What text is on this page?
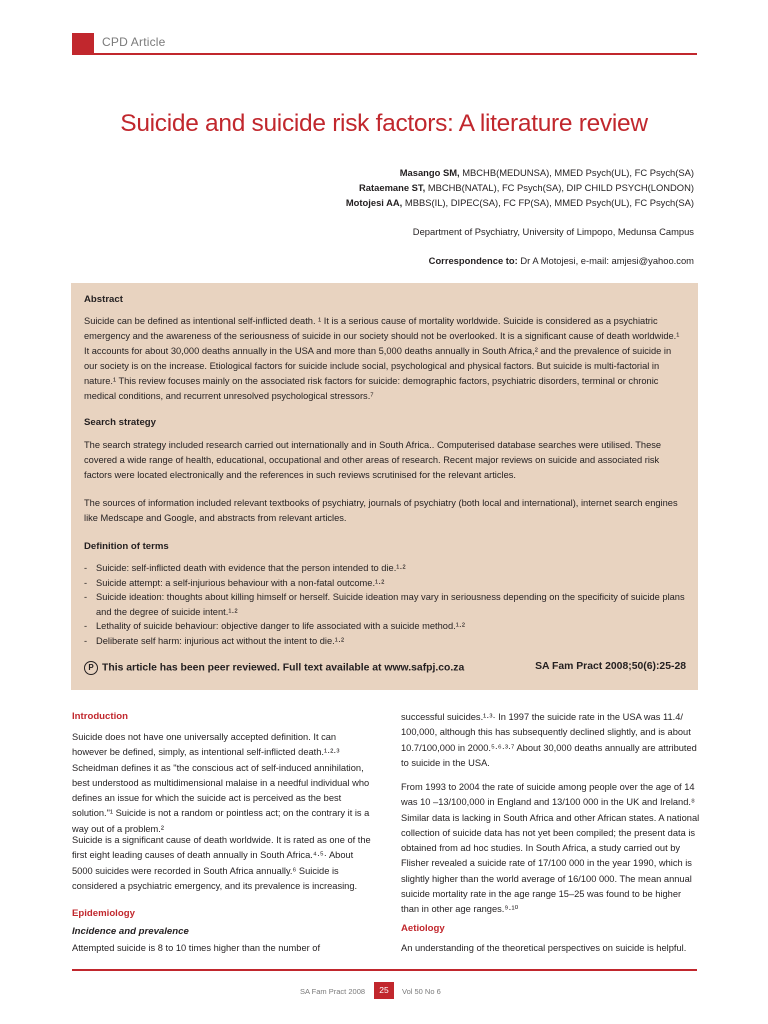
CPD Article
Suicide and suicide risk factors: A literature review
Masango SM, MBCHB(MEDUNSA), MMED Psych(UL), FC Psych(SA)
Rataemane ST, MBCHB(NATAL), FC Psych(SA), DIP CHILD PSYCH(LONDON)
Motojesi AA, MBBS(IL), DIPEC(SA), FC FP(SA), MMED Psych(UL), FC Psych(SA)
Department of Psychiatry, University of Limpopo, Medunsa Campus
Correspondence to: Dr A Motojesi, e-mail: amjesi@yahoo.com
Abstract
Suicide can be defined as intentional self-inflicted death. ¹ It is a serious cause of mortality worldwide. Suicide is considered as a psychiatric emergency and the awareness of the seriousness of suicide in our society should not be overlooked. It is a significant cause of death worldwide.¹ It accounts for about 30,000 deaths annually in the USA and more than 5,000 deaths annually in South Africa,² and the prevalence of suicide in our society is on the increase. Etiological factors for suicide include social, psychological and physical factors. But suicide is multi-factorial in nature.¹ This review focuses mainly on the associated risk factors for suicide: demographic factors, psychiatric disorders, terminal or chronic medical conditions, and recurrent unresolved psychological stressors.⁷
Search strategy
The search strategy included research carried out internationally and in South Africa.. Computerised database searches were utilised. These covered a wide range of health, educational, occupational and other areas of research. Recent major reviews on suicide and associated risk factors were located electronically and the references in such reviews scrutinised for the relevant articles.
The sources of information included relevant textbooks of psychiatry, journals of psychiatry (both local and international), internet search engines like Medscape and Google, and abstracts from relevant articles.
Definition of terms
- Suicide: self-inflicted death with evidence that the person intended to die.¹·²
- Suicide attempt: a self-injurious behaviour with a non-fatal outcome.¹·²
- Suicide ideation: thoughts about killing himself or herself. Suicide ideation may vary in seriousness depending on the specificity of suicide plans and the degree of suicide intent.¹·²
- Lethality of suicide behaviour: objective danger to life associated with a suicide method.¹·²
- Deliberate self harm: injurious act without the intent to die.¹·²
P This article has been peer reviewed. Full text available at www.safpj.co.za	SA Fam Pract 2008;50(6):25-28
Introduction
Suicide does not have one universally accepted definition. It can however be defined, simply, as intentional self-inflicted death.¹·²·³ Scheidman defines it as "the conscious act of self-induced annihilation, best understood as multidimensional malaise in a needful individual who defines an issue for which the suicide act is perceived as the best solution."¹ Suicide is not a random or pointless act; on the contrary it is a way out of a problem.²
Suicide is a significant cause of death worldwide. It is rated as one of the first eight leading causes of death annually in South Africa.⁴·⁵· About 5000 suicides were recorded in South Africa annually.⁶ Suicide is considered a psychiatric emergency, and its prevalence is increasing.
Epidemiology
Incidence and prevalence
Attempted suicide is 8 to 10 times higher than the number of
successful suicides.¹·³· In 1997 the suicide rate in the USA was 11.4/ 100,000, although this has subsequently declined slightly, and is about 10.7/100,000 in 2000.⁵·⁶·³·⁷ About 30,000 deaths annually are attributed to suicide in the USA.
From 1993 to 2004 the rate of suicide among people over the age of 14 was 10 –13/100,000 in England and 13/100 000 in the UK and Ireland.⁸ Similar data is lacking in South Africa and other African states. A national collection of suicide data has not yet been compiled; the present data is obtained from ad hoc studies. In South Africa, a study carried out by Flisher revealed a suicide rate of 17/100 000 in the year 1990, which is slightly higher than the world average of 16/100 000. The mean annual suicide mortality rate in the age range 15–25 was found to be higher than in other age ranges.⁹·¹⁰
Aetiology
An understanding of the theoretical perspectives on suicide is helpful.
SA Fam Pract 2008	25	Vol 50 No 6
